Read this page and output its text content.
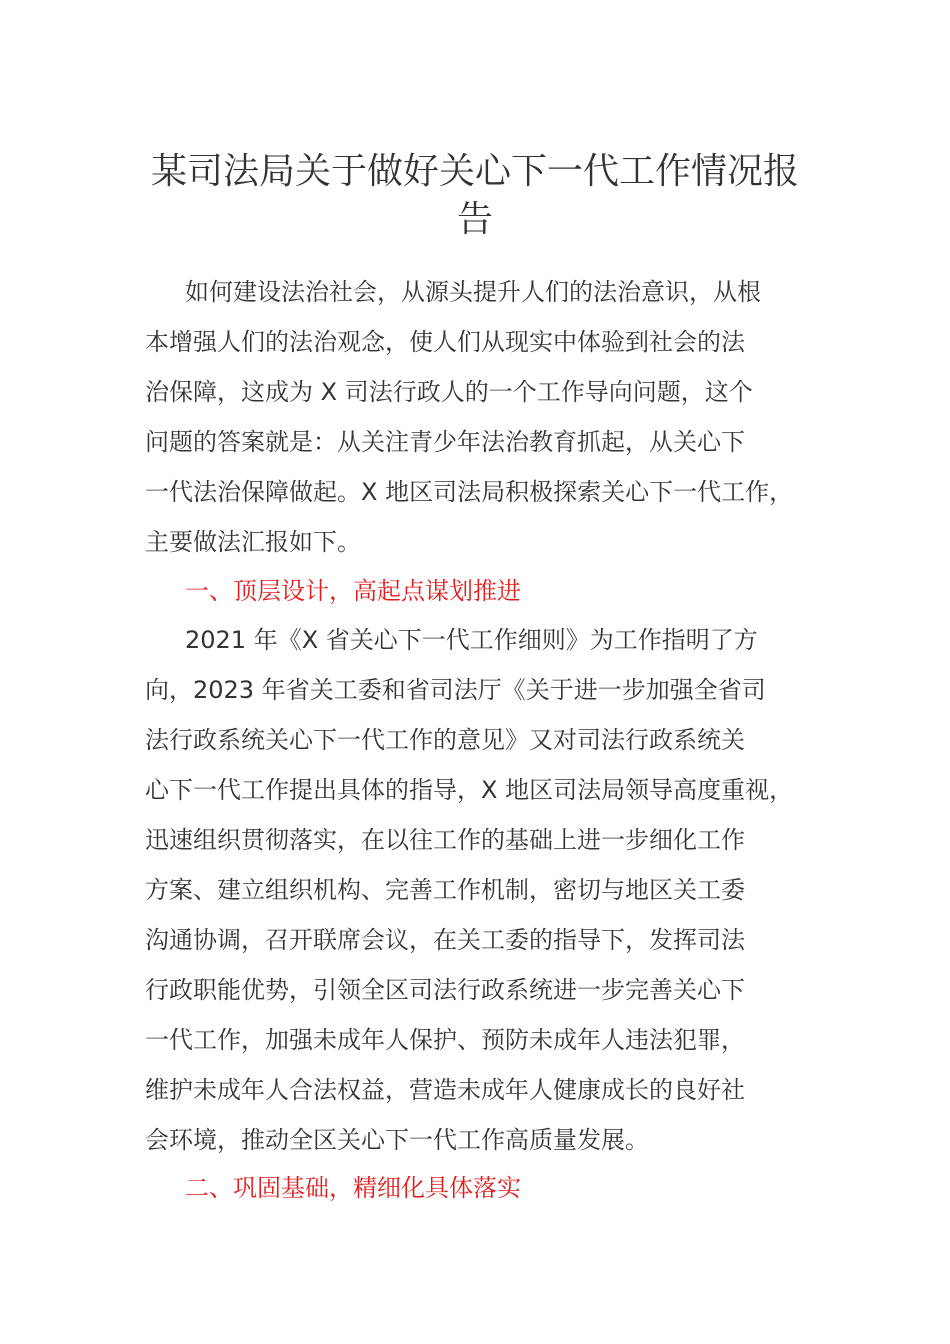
某司法局关于做好关心下一代工作情况报告
如何建设法治社会，从源头提升人们的法治意识，从根
本增强人们的法治观念，使人们从现实中体验到社会的法
治保障，这成为 X 司法行政人的一个工作导向问题，这个
问题的答案就是：从关注青少年法治教育抓起，从关心下
一代法治保障做起。X 地区司法局积极探索关心下一代工作，
主要做法汇报如下。
一、顶层设计，高起点谋划推进
2021 年《X 省关心下一代工作细则》为工作指明了方
向，2023 年省关工委和省司法厅《关于进一步加强全省司
法行政系统关心下一代工作的意见》又对司法行政系统关
心下一代工作提出具体的指导，X 地区司法局领导高度重视，
迅速组织贯彻落实，在以往工作的基础上进一步细化工作
方案、建立组织机构、完善工作机制，密切与地区关工委
沟通协调，召开联席会议，在关工委的指导下，发挥司法
行政职能优势，引领全区司法行政系统进一步完善关心下
一代工作，加强未成年人保护、预防未成年人违法犯罪，
维护未成年人合法权益，营造未成年人健康成长的良好社
会环境，推动全区关心下一代工作高质量发展。
二、巩固基础，精细化具体落实
